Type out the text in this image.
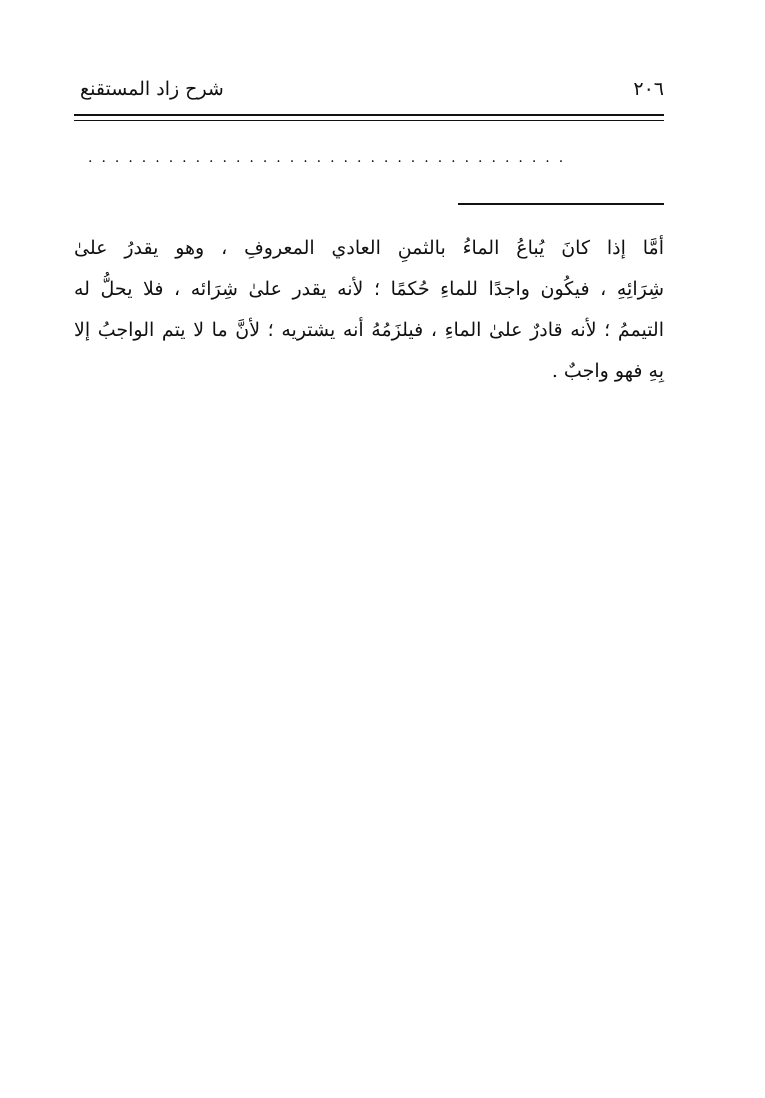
شرح زاد المستقنع	٢٠٦
....................................
أمَّا إذا كانَ يُباعُ الماءُ بالثمنِ العادي المعروفِ ، وهو يقدرُ علىٰ
شِرَائِهِ ، فيكُون واجدًا للماءِ حُكمًا ؛ لأنه يقدر علىٰ شِرَائه ، فلا يحلُّ له
التيممُ ؛ لأنه قادرٌ علىٰ الماءِ ، فيلزَمُهُ أنه يشتريه ؛ لأنَّ ما لا يتم الواجبُ إلا
بِهِ فهو واجبٌ .
